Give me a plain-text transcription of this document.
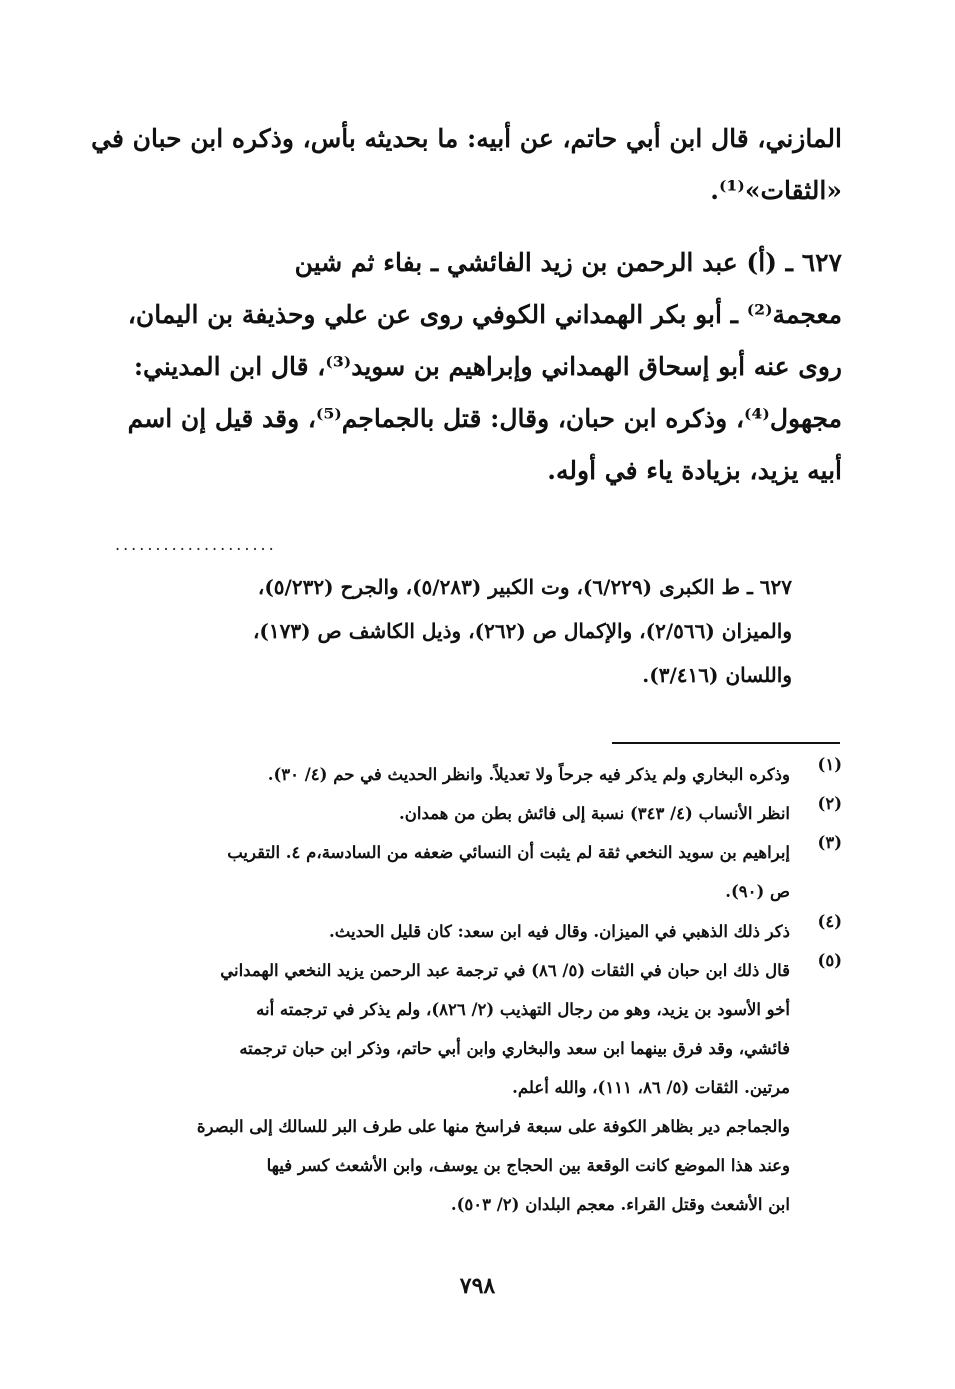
المازني، قال ابن أبي حاتم، عن أبيه: ما بحديثه بأس، وذكره ابن حبان في
«الثقات»⁽¹⁾.
٦٢٧ ـ (أ) عبد الرحمن بن زيد الفائشي ـ بفاء ثم شين
معجمة⁽²⁾ ـ أبو بكر الهمداني الكوفي روى عن علي وحذيفة بن اليمان،
روى عنه أبو إسحاق الهمداني وإبراهيم بن سويد⁽³⁾، قال ابن المديني:
مجهول⁽⁴⁾، وذكره ابن حبان، وقال: قتل بالجماجم⁽⁵⁾، وقد قيل إن اسم
أبيه يزيد، بزيادة ياء في أوله.
....................
٦٢٧ ـ ط الكبرى (٦/٢٢٩)، وت الكبير (٥/٢٨٣)، والجرح (٥/٢٣٢)،
والميزان (٢/٥٦٦)، والإكمال ص (٢٦٢)، وذيل الكاشف ص (١٧٣)،
واللسان (٣/٤١٦).
(١)
وذكره البخاري ولم يذكر فيه جرحاً ولا تعديلاً. وانظر الحديث في حم (٤/ ٣٠).
(٢)
انظر الأنساب (٤/ ٣٤٣) نسبة إلى فائش بطن من همدان.
(٣)
إبراهيم بن سويد النخعي ثقة لم يثبت أن النسائي ضعفه من السادسة،م ٤. التقريب
ص (٩٠).
(٤)
ذكر ذلك الذهبي في الميزان. وقال فيه ابن سعد: كان قليل الحديث.
(٥)
قال ذلك ابن حبان في الثقات (٥/ ٨٦) في ترجمة عبد الرحمن يزيد النخعي الهمداني
أخو الأسود بن يزيد، وهو من رجال التهذيب (٢/ ٨٢٦)، ولم يذكر في ترجمته أنه
فائشي، وقد فرق بينهما ابن سعد والبخاري وابن أبي حاتم، وذكر ابن حبان ترجمته
مرتين. الثقات (٥/ ٨٦، ١١١)، والله أعلم.
والجماجم دير بظاهر الكوفة على سبعة فراسخ منها على طرف البر للسالك إلى البصرة
وعند هذا الموضع كانت الوقعة بين الحجاج بن يوسف، وابن الأشعث كسر فيها
ابن الأشعث وقتل القراء. معجم البلدان (٢/ ٥٠٣).
٧٩٨
